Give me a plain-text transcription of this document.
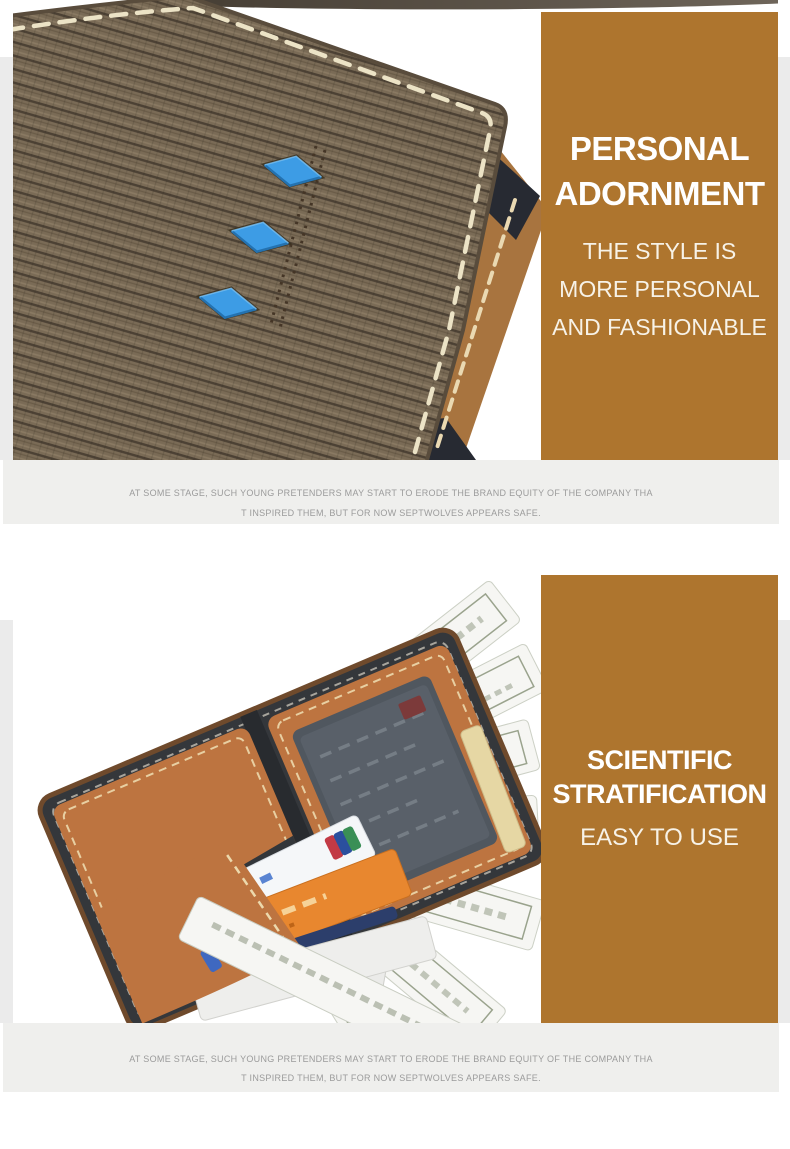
PERSONAL
ADORNMENT

THE STYLE IS
MORE PERSONAL
AND FASHIONABLE

AT SOME STAGE, SUCH YOUNG PRETENDERS MAY START TO ERODE THE BRAND EQUITY OF THE COMPANY THA
T INSPIRED THEM, BUT FOR NOW SEPTWOLVES APPEARS SAFE.

SCIENTIFIC
STRATIFICATION

EASY TO USE

AT SOME STAGE, SUCH YOUNG PRETENDERS MAY START TO ERODE THE BRAND EQUITY OF THE COMPANY THA
T INSPIRED THEM, BUT FOR NOW SEPTWOLVES APPEARS SAFE.
